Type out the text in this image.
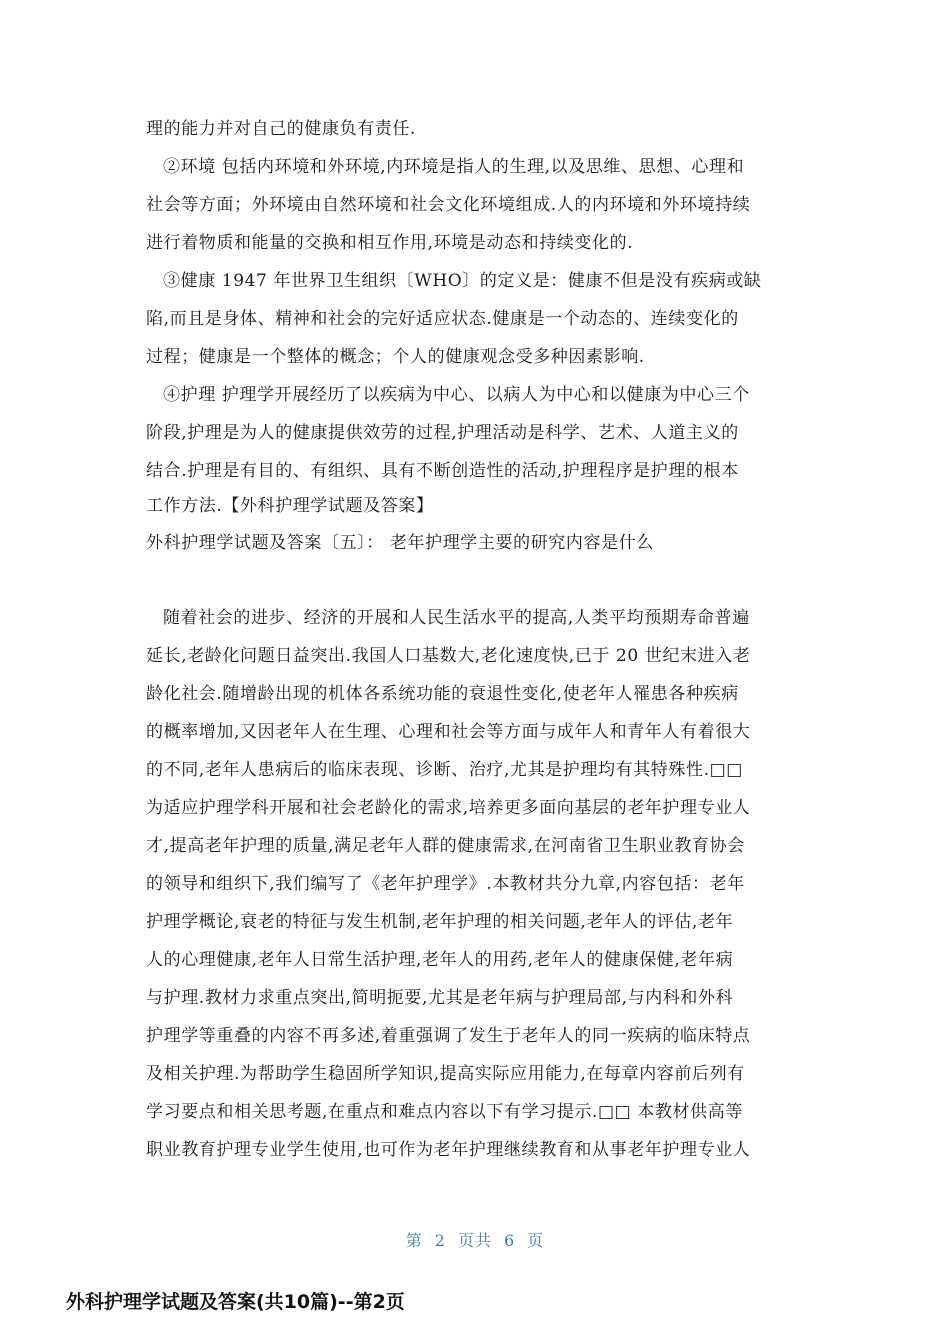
理的能力并对自己的健康负有责任.
②环境 包括内环境和外环境,内环境是指人的生理,以及思维、思想、心理和
社会等方面；外环境由自然环境和社会文化环境组成.人的内环境和外环境持续
进行着物质和能量的交换和相互作用,环境是动态和持续变化的.
③健康 1947 年世界卫生组织〔WHO〕的定义是：健康不但是没有疾病或缺
陷,而且是身体、精神和社会的完好适应状态.健康是一个动态的、连续变化的
过程；健康是一个整体的概念；个人的健康观念受多种因素影响.
④护理 护理学开展经历了以疾病为中心、以病人为中心和以健康为中心三个
阶段,护理是为人的健康提供效劳的过程,护理活动是科学、艺术、人道主义的
结合.护理是有目的、有组织、具有不断创造性的活动,护理程序是护理的根本
工作方法.【外科护理学试题及答案】
外科护理学试题及答案〔五〕： 老年护理学主要的研究内容是什么
随着社会的进步、经济的开展和人民生活水平的提高,人类平均预期寿命普遍
延长,老龄化问题日益突出.我国人口基数大,老化速度快,已于 20 世纪末进入老
龄化社会.随增龄出现的机体各系统功能的衰退性变化,使老年人罹患各种疾病
的概率增加,又因老年人在生理、心理和社会等方面与成年人和青年人有着很大
的不同,老年人患病后的临床表现、诊断、治疗,尤其是护理均有其特殊性.□□
为适应护理学科开展和社会老龄化的需求,培养更多面向基层的老年护理专业人
才,提高老年护理的质量,满足老年人群的健康需求,在河南省卫生职业教育协会
的领导和组织下,我们编写了《老年护理学》.本教材共分九章,内容包括：老年
护理学概论,衰老的特征与发生机制,老年护理的相关问题,老年人的评估,老年
人的心理健康,老年人日常生活护理,老年人的用药,老年人的健康保健,老年病
与护理.教材力求重点突出,简明扼要,尤其是老年病与护理局部,与内科和外科
护理学等重叠的内容不再多述,着重强调了发生于老年人的同一疾病的临床特点
及相关护理.为帮助学生稳固所学知识,提高实际应用能力,在每章内容前后列有
学习要点和相关思考题,在重点和难点内容以下有学习提示.□□ 本教材供高等
职业教育护理专业学生使用,也可作为老年护理继续教育和从事老年护理专业人
第 2 页共 6 页
外科护理学试题及答案(共10篇)--第2页
